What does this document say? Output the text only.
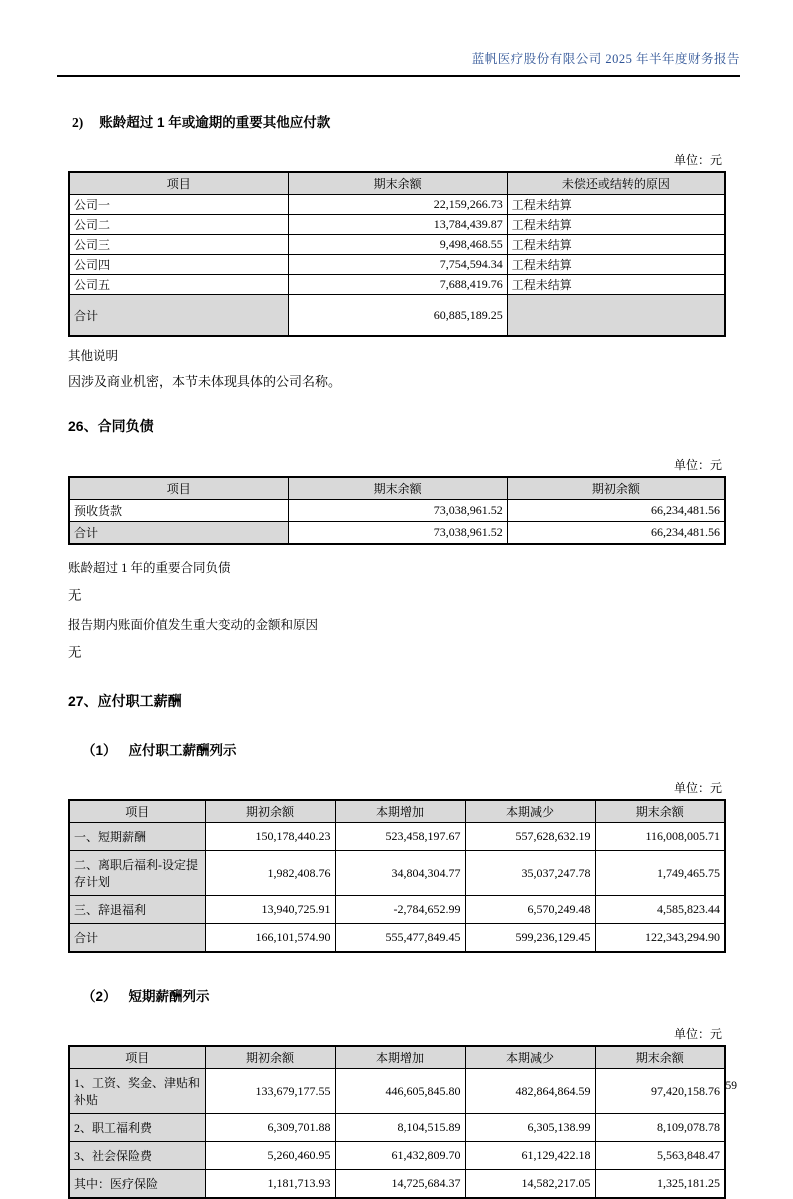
蓝帆医疗股份有限公司 2025 年半年度财务报告
2) 账龄超过 1 年或逾期的重要其他应付款
单位：元
项目	期末余额	未偿还或结转的原因
公司一	22,159,266.73	工程未结算
公司二	13,784,439.87	工程未结算
公司三	9,498,468.55	工程未结算
公司四	7,754,594.34	工程未结算
公司五	7,688,419.76	工程未结算
合计	60,885,189.25	
其他说明
因涉及商业机密，本节未体现具体的公司名称。
26、合同负债
单位：元
项目	期末余额	期初余额
预收货款	73,038,961.52	66,234,481.56
合计	73,038,961.52	66,234,481.56
账龄超过 1 年的重要合同负债
无
报告期内账面价值发生重大变动的金额和原因
无
27、应付职工薪酬
（1） 应付职工薪酬列示
单位：元
项目	期初余额	本期增加	本期减少	期末余额
一、短期薪酬	150,178,440.23	523,458,197.67	557,628,632.19	116,008,005.71
二、离职后福利-设定提存计划	1,982,408.76	34,804,304.77	35,037,247.78	1,749,465.75
三、辞退福利	13,940,725.91	-2,784,652.99	6,570,249.48	4,585,823.44
合计	166,101,574.90	555,477,849.45	599,236,129.45	122,343,294.90
（2） 短期薪酬列示
单位：元
项目	期初余额	本期增加	本期减少	期末余额
1、工资、奖金、津贴和补贴	133,679,177.55	446,605,845.80	482,864,864.59	97,420,158.76
2、职工福利费	6,309,701.88	8,104,515.89	6,305,138.99	8,109,078.78
3、社会保险费	5,260,460.95	61,432,809.70	61,129,422.18	5,563,848.47
其中：医疗保险	1,181,713.93	14,725,684.37	14,582,217.05	1,325,181.25
59
